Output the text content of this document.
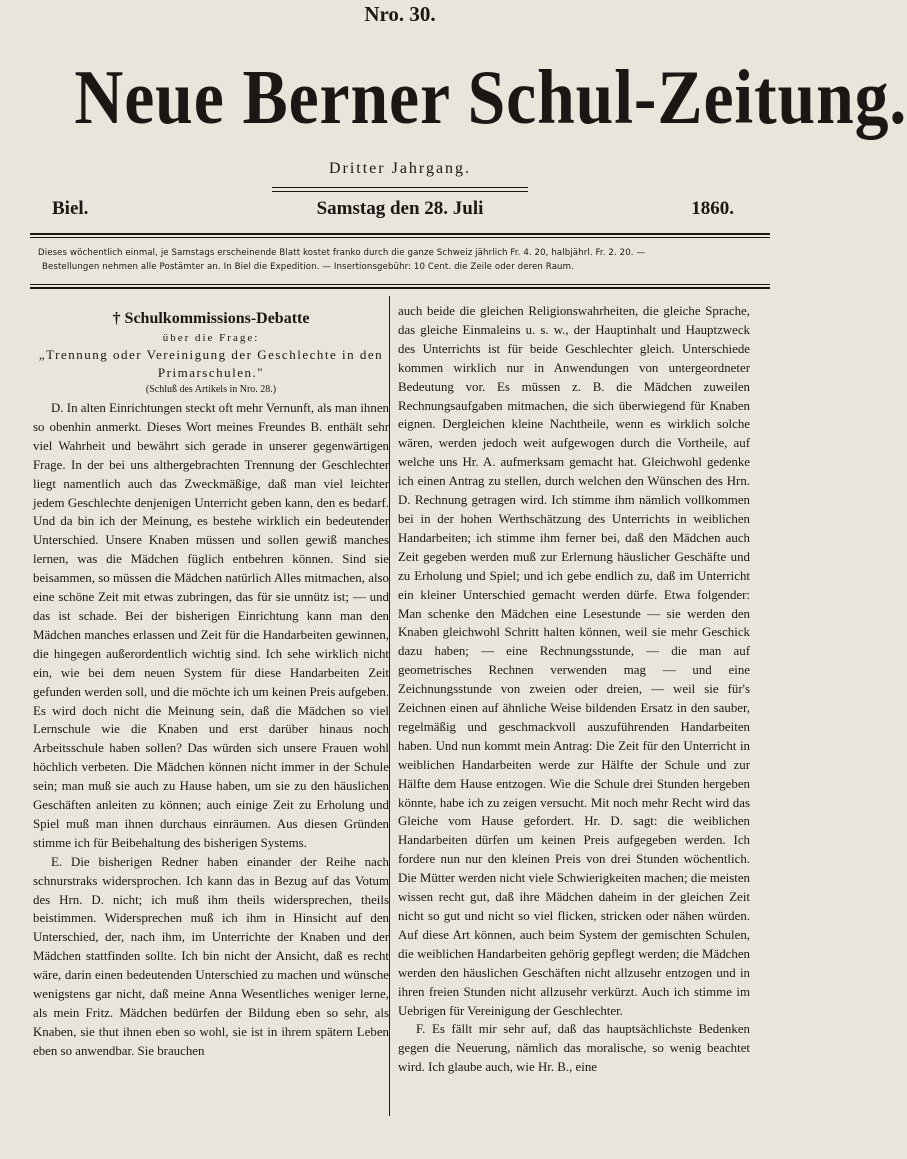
Nro. 30.
Neue Berner Schul-Zeitung.
Dritter Jahrgang.
Biel.	Samstag den 28. Juli	1860.
Dieses wöchentlich einmal, je Samstags erscheinende Blatt kostet franko durch die ganze Schweiz jährlich Fr. 4. 20, halbjährl. Fr. 2. 20. —
Bestellungen nehmen alle Postämter an. In Biel die Expedition. — Insertionsgebühr: 10 Cent. die Zeile oder deren Raum.
† Schulkommissions-Debatte
über die Frage:
„Trennung oder Vereinigung der Geschlechte in den Primarschulen."
(Schluß des Artikels in Nro. 28.)

D. In alten Einrichtungen steckt oft mehr Vernunft, als man ihnen so obenhin anmerkt. Dieses Wort meines Freundes B. enthält sehr viel Wahrheit und bewährt sich gerade in unserer gegenwärtigen Frage. In der bei uns althergebrachten Trennung der Geschlechter liegt namentlich auch das Zweckmäßige, daß man viel leichter jedem Geschlechte denjenigen Unterricht geben kann, den es bedarf. Und da bin ich der Meinung, es bestehe wirklich ein bedeutender Unterschied. Unsere Knaben müssen und sollen gewiß manches lernen, was die Mädchen füglich entbehren können. Sind sie beisammen, so müssen die Mädchen natürlich Alles mitmachen, also eine schöne Zeit mit etwas zubringen, das für sie unnütz ist; — und das ist schade. Bei der bisherigen Einrichtung kann man den Mädchen manches erlassen und Zeit für die Handarbeiten gewinnen, die hingegen außerordentlich wichtig sind. Ich sehe wirklich nicht ein, wie bei dem neuen System für diese Handarbeiten Zeit gefunden werden soll, und die möchte ich um keinen Preis aufgeben. Es wird doch nicht die Meinung sein, daß die Mädchen so viel Lernschule wie die Knaben und erst darüber hinaus noch Arbeitsschule haben sollen? Das würden sich unsere Frauen wohl höchlich verbeten. Die Mädchen können nicht immer in der Schule sein; man muß sie auch zu Hause haben, um sie zu den häuslichen Geschäften anleiten zu können; auch einige Zeit zu Erholung und Spiel muß man ihnen durchaus einräumen. Aus diesen Gründen stimme ich für Beibehaltung des bisherigen Systems.

E. Die bisherigen Redner haben einander der Reihe nach schnurstraks widersprochen. Ich kann das in Bezug auf das Votum des Hrn. D. nicht; ich muß ihm theils widersprechen, theils beistimmen. Widersprechen muß ich ihm in Hinsicht auf den Unterschied, der, nach ihm, im Unterrichte der Knaben und der Mädchen stattfinden sollte. Ich bin nicht der Ansicht, daß es recht wäre, darin einen bedeutenden Unterschied zu machen und wünsche wenigstens gar nicht, daß meine Anna Wesentliches weniger lerne, als mein Fritz. Mädchen bedürfen der Bildung eben so sehr, als Knaben, sie thut ihnen eben so wohl, sie ist in ihrem spätern Leben eben so anwendbar. Sie brauchen

auch beide die gleichen Religionswahrheiten, die gleiche Sprache, das gleiche Einmaleins u. s. w., der Hauptinhalt und Hauptzweck des Unterrichts ist für beide Geschlechter gleich. Unterschiede kommen wirklich nur in Anwendungen von untergeordneter Bedeutung vor. Es müssen z. B. die Mädchen zuweilen Rechnungsaufgaben mitmachen, die sich überwiegend für Knaben eignen. Dergleichen kleine Nachtheile, wenn es wirklich solche wären, werden jedoch weit aufgewogen durch die Vortheile, auf welche uns Hr. A. aufmerksam gemacht hat. Gleichwohl gedenke ich einen Antrag zu stellen, durch welchen den Wünschen des Hrn. D. Rechnung getragen wird. Ich stimme ihm nämlich vollkommen bei in der hohen Werthschätzung des Unterrichts in weiblichen Handarbeiten; ich stimme ihm ferner bei, daß den Mädchen auch Zeit gegeben werden muß zur Erlernung häuslicher Geschäfte und zu Erholung und Spiel; und ich gebe endlich zu, daß im Unterricht ein kleiner Unterschied gemacht werden dürfe. Etwa folgender: Man schenke den Mädchen eine Lesestunde — sie werden den Knaben gleichwohl Schritt halten können, weil sie mehr Geschick dazu haben; — eine Rechnungsstunde, — die man auf geometrisches Rechnen verwenden mag — und eine Zeichnungsstunde von zweien oder dreien, — weil sie für's Zeichnen einen auf ähnliche Weise bildenden Ersatz in den sauber, regelmäßig und geschmackvoll auszuführenden Handarbeiten haben. Und nun kommt mein Antrag: Die Zeit für den Unterricht in weiblichen Handarbeiten werde zur Hälfte der Schule und zur Hälfte dem Hause entzogen. Wie die Schule drei Stunden hergeben könnte, habe ich zu zeigen versucht. Mit noch mehr Recht wird das Gleiche vom Hause gefordert. Hr. D. sagt: die weiblichen Handarbeiten dürfen um keinen Preis aufgegeben werden. Ich fordere nun nur den kleinen Preis von drei Stunden wöchentlich. Die Mütter werden nicht viele Schwierigkeiten machen; die meisten wissen recht gut, daß ihre Mädchen daheim in der gleichen Zeit nicht so gut und nicht so viel flicken, stricken oder nähen würden. Auf diese Art können, auch beim System der gemischten Schulen, die weiblichen Handarbeiten gehörig gepflegt werden; die Mädchen werden den häuslichen Geschäften nicht allzusehr entzogen und in ihren freien Stunden nicht allzusehr verkürzt. Auch ich stimme im Uebrigen für Vereinigung der Geschlechter.

F. Es fällt mir sehr auf, daß das hauptsächlichste Bedenken gegen die Neuerung, nämlich das moralische, so wenig beachtet wird. Ich glaube auch, wie Hr. B., eine
